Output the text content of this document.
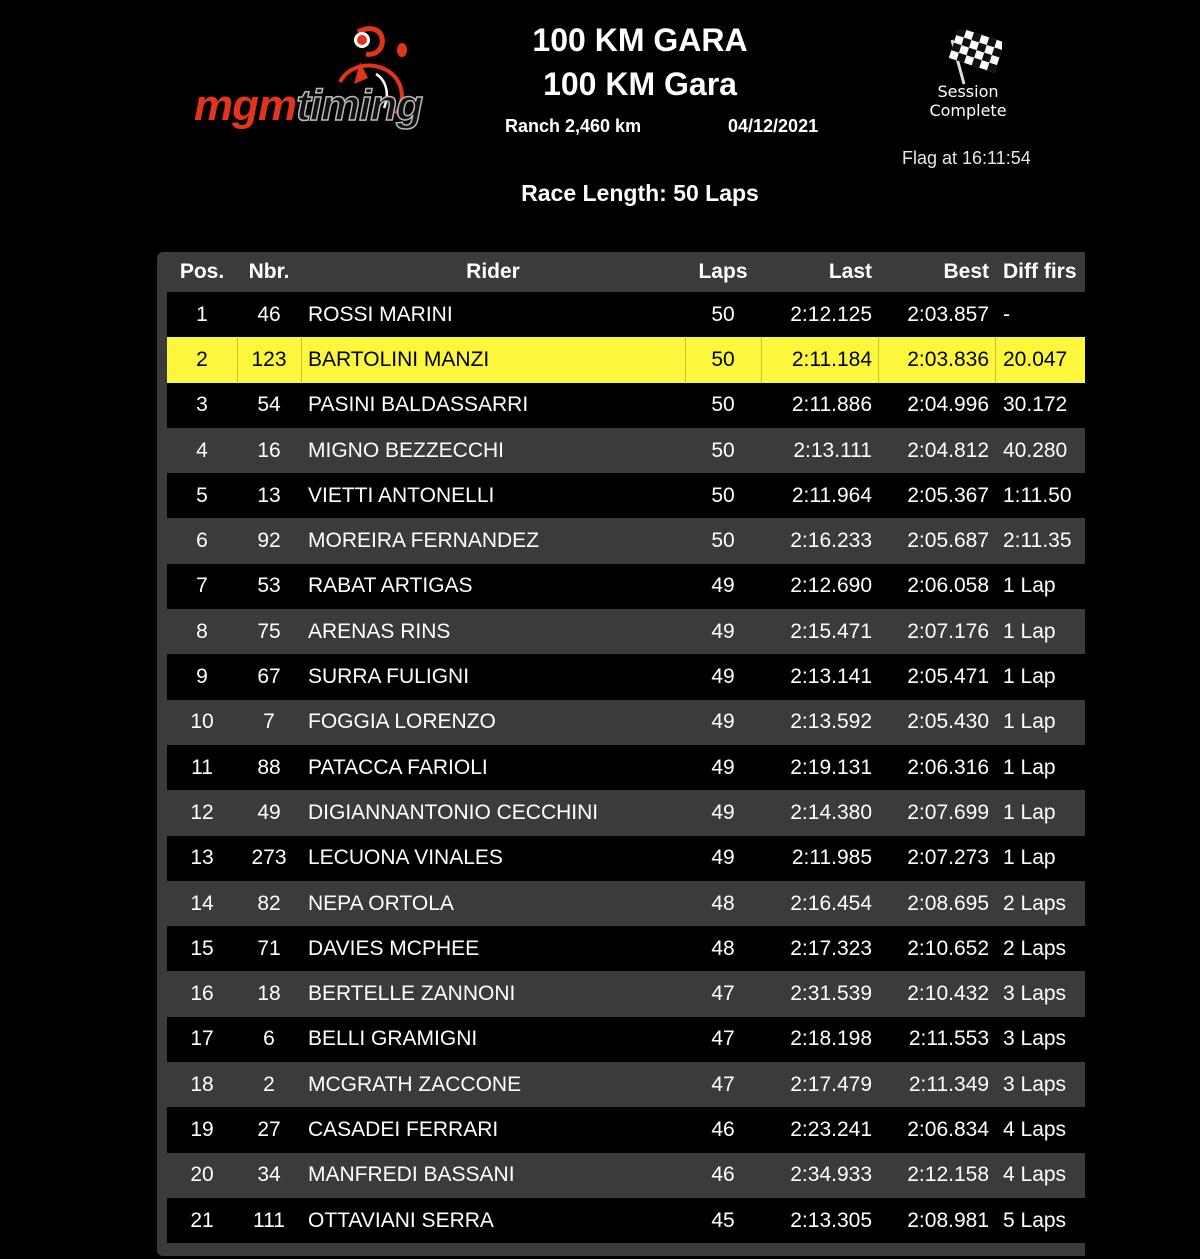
mgmtiming
100 KM GARA
100 KM Gara
Ranch 2,460 km	04/12/2021
Race Length: 50 Laps
Session
Complete
Flag at 16:11:54
Pos.	Nbr.	Rider	Laps	Last	Best Diff firs
1	46	ROSSI MARINI	50	2:12.125	2:03.857 -
2	123	BARTOLINI MANZI	50	2:11.184	2:03.836 20.047
3	54	PASINI BALDASSARRI	50	2:11.886	2:04.996 30.172
4	16	MIGNO BEZZECCHI	50	2:13.111	2:04.812 40.280
5	13	VIETTI ANTONELLI	50	2:11.964	2:05.367 1:11.50
6	92	MOREIRA FERNANDEZ	50	2:16.233	2:05.687 2:11.35
7	53	RABAT ARTIGAS	49	2:12.690	2:06.058 1 Lap
8	75	ARENAS RINS	49	2:15.471	2:07.176 1 Lap
9	67	SURRA FULIGNI	49	2:13.141	2:05.471 1 Lap
10	7	FOGGIA LORENZO	49	2:13.592	2:05.430 1 Lap
11	88	PATACCA FARIOLI	49	2:19.131	2:06.316 1 Lap
12	49	DIGIANNANTONIO CECCHINI	49	2:14.380	2:07.699 1 Lap
13	273	LECUONA VINALES	49	2:11.985	2:07.273 1 Lap
14	82	NEPA ORTOLA	48	2:16.454	2:08.695 2 Laps
15	71	DAVIES MCPHEE	48	2:17.323	2:10.652 2 Laps
16	18	BERTELLE ZANNONI	47	2:31.539	2:10.432 3 Laps
17	6	BELLI GRAMIGNI	47	2:18.198	2:11.553 3 Laps
18	2	MCGRATH ZACCONE	47	2:17.479	2:11.349 3 Laps
19	27	CASADEI FERRARI	46	2:23.241	2:06.834 4 Laps
20	34	MANFREDI BASSANI	46	2:34.933	2:12.158 4 Laps
21	111	OTTAVIANI SERRA	45	2:13.305	2:08.981 5 Laps
